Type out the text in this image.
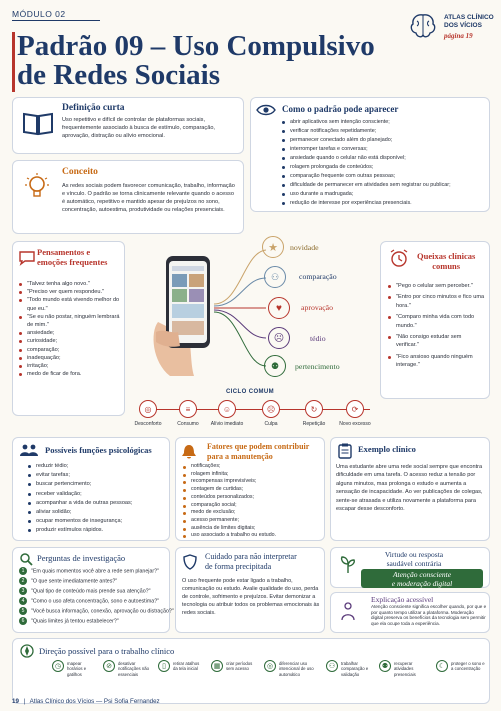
MÓDULO 02
Padrão 09 – Uso Compulsivo
de Redes Sociais
ATLAS CLÍNICO
DOS VÍCIOS
página 19
Definição curta
Uso repetitivo e difícil de controlar de plataformas sociais, frequentemente associado à busca de estímulo, comparação, aprovação, distração ou alívio emocional.
Conceito
As redes sociais podem favorecer comunicação, trabalho, informação e vínculo. O padrão se torna clinicamente relevante quando o acesso é automático, repetitivo e mantido apesar de prejuízos no sono, concentração, autoestima, produtividade ou relações presenciais.
Como o padrão pode aparecer
abrir aplicativos sem intenção consciente;
verificar notificações repetidamente;
permanecer conectado além do planejado;
interromper tarefas e conversas;
ansiedade quando o celular não está disponível;
rolagem prolongada de conteúdos;
comparação frequente com outras pessoas;
dificuldade de permanecer em atividades sem registrar ou publicar;
uso durante a madrugada;
redução de interesse por experiências presenciais.
Pensamentos e
emoções frequentes
"Talvez tenha algo novo."
"Preciso ver quem respondeu."
"Todo mundo está vivendo melhor do que eu."
"Se eu não postar, ninguém lembrará de mim."
ansiedade;
curiosidade;
comparação;
inadequação;
irritação;
medo de ficar de fora.
★	novidade
⚇	comparação
♥	aprovação
☹	tédio
⚉	pertencimento
CICLO COMUM
◎	≡	☺	☹	↻	⟳
Desconforto	Consumo	Alívio imediato	Culpa	Repetição	Novo excesso
Queixas clínicas
comuns
"Pego o celular sem perceber."
"Entro por cinco minutos e fico uma hora."
"Comparo minha vida com todo mundo."
"Não consigo estudar sem verificar."
"Fico ansioso quando ninguém interage."
Possíveis funções psicológicas
reduzir tédio;
evitar tarefas;
buscar pertencimento;
receber validação;
acompanhar a vida de outras pessoas;
aliviar solidão;
ocupar momentos de insegurança;
produzir estímulos rápidos.
Fatores que podem contribuir
para a manutenção
notificações;
rolagem infinita;
recompensas imprevisíveis;
contagem de curtidas;
conteúdos personalizados;
comparação social;
medo de exclusão;
acesso permanente;
ausência de limites digitais;
uso associado a trabalho ou estudo.
Exemplo clínico
Uma estudante abre uma rede social sempre que encontra dificuldade em uma tarefa. O acesso reduz a tensão por alguns minutos, mas prolonga o estudo e aumenta a sensação de incapacidade. Ao ver publicações de colegas, sente-se atrasada e utiliza novamente a plataforma para escapar desse desconforto.
Perguntas de investigação
1 "Em quais momentos você abre a rede sem planejar?"
2 "O que sente imediatamente antes?"
3 "Qual tipo de conteúdo mais prende sua atenção?"
4 "Como o uso afeta concentração, sono e autoestima?"
5 "Você busca informação, conexão, aprovação ou distração?"
6 "Quais limites já tentou estabelecer?"
Cuidado para não interpretar
de forma precipitada
O uso frequente pode estar ligado a trabalho, comunicação ou estudo. Avalie qualidade do uso, perda de controle, sofrimento e prejuízos. Evitar demonizar a tecnologia ou atribuir todos os problemas emocionais às redes sociais.
Virtude ou resposta
saudável contrária
Atenção consciente
e moderação digital
Explicação acessível
Atenção consciente significa escolher quando, por que e por quanto tempo utilizar a plataforma. Moderação digital preserva os benefícios da tecnologia sem permitir que ela ocupe toda a experiência.
Direção possível para o trabalho clínico
◷	mapear horários e gatilhos
⊘	desativar notificações não essenciais
▯	retirar atalhos da tela inicial	▦	criar períodos sem acesso	◎	diferenciar uso intencional de uso automático
⚇	trabalhar comparação e validação
⚉	recuperar atividades presenciais
☾	proteger o sono e a concentração
19 | Atlas Clínico dos Vícios — Psi Sofia Fernandez
